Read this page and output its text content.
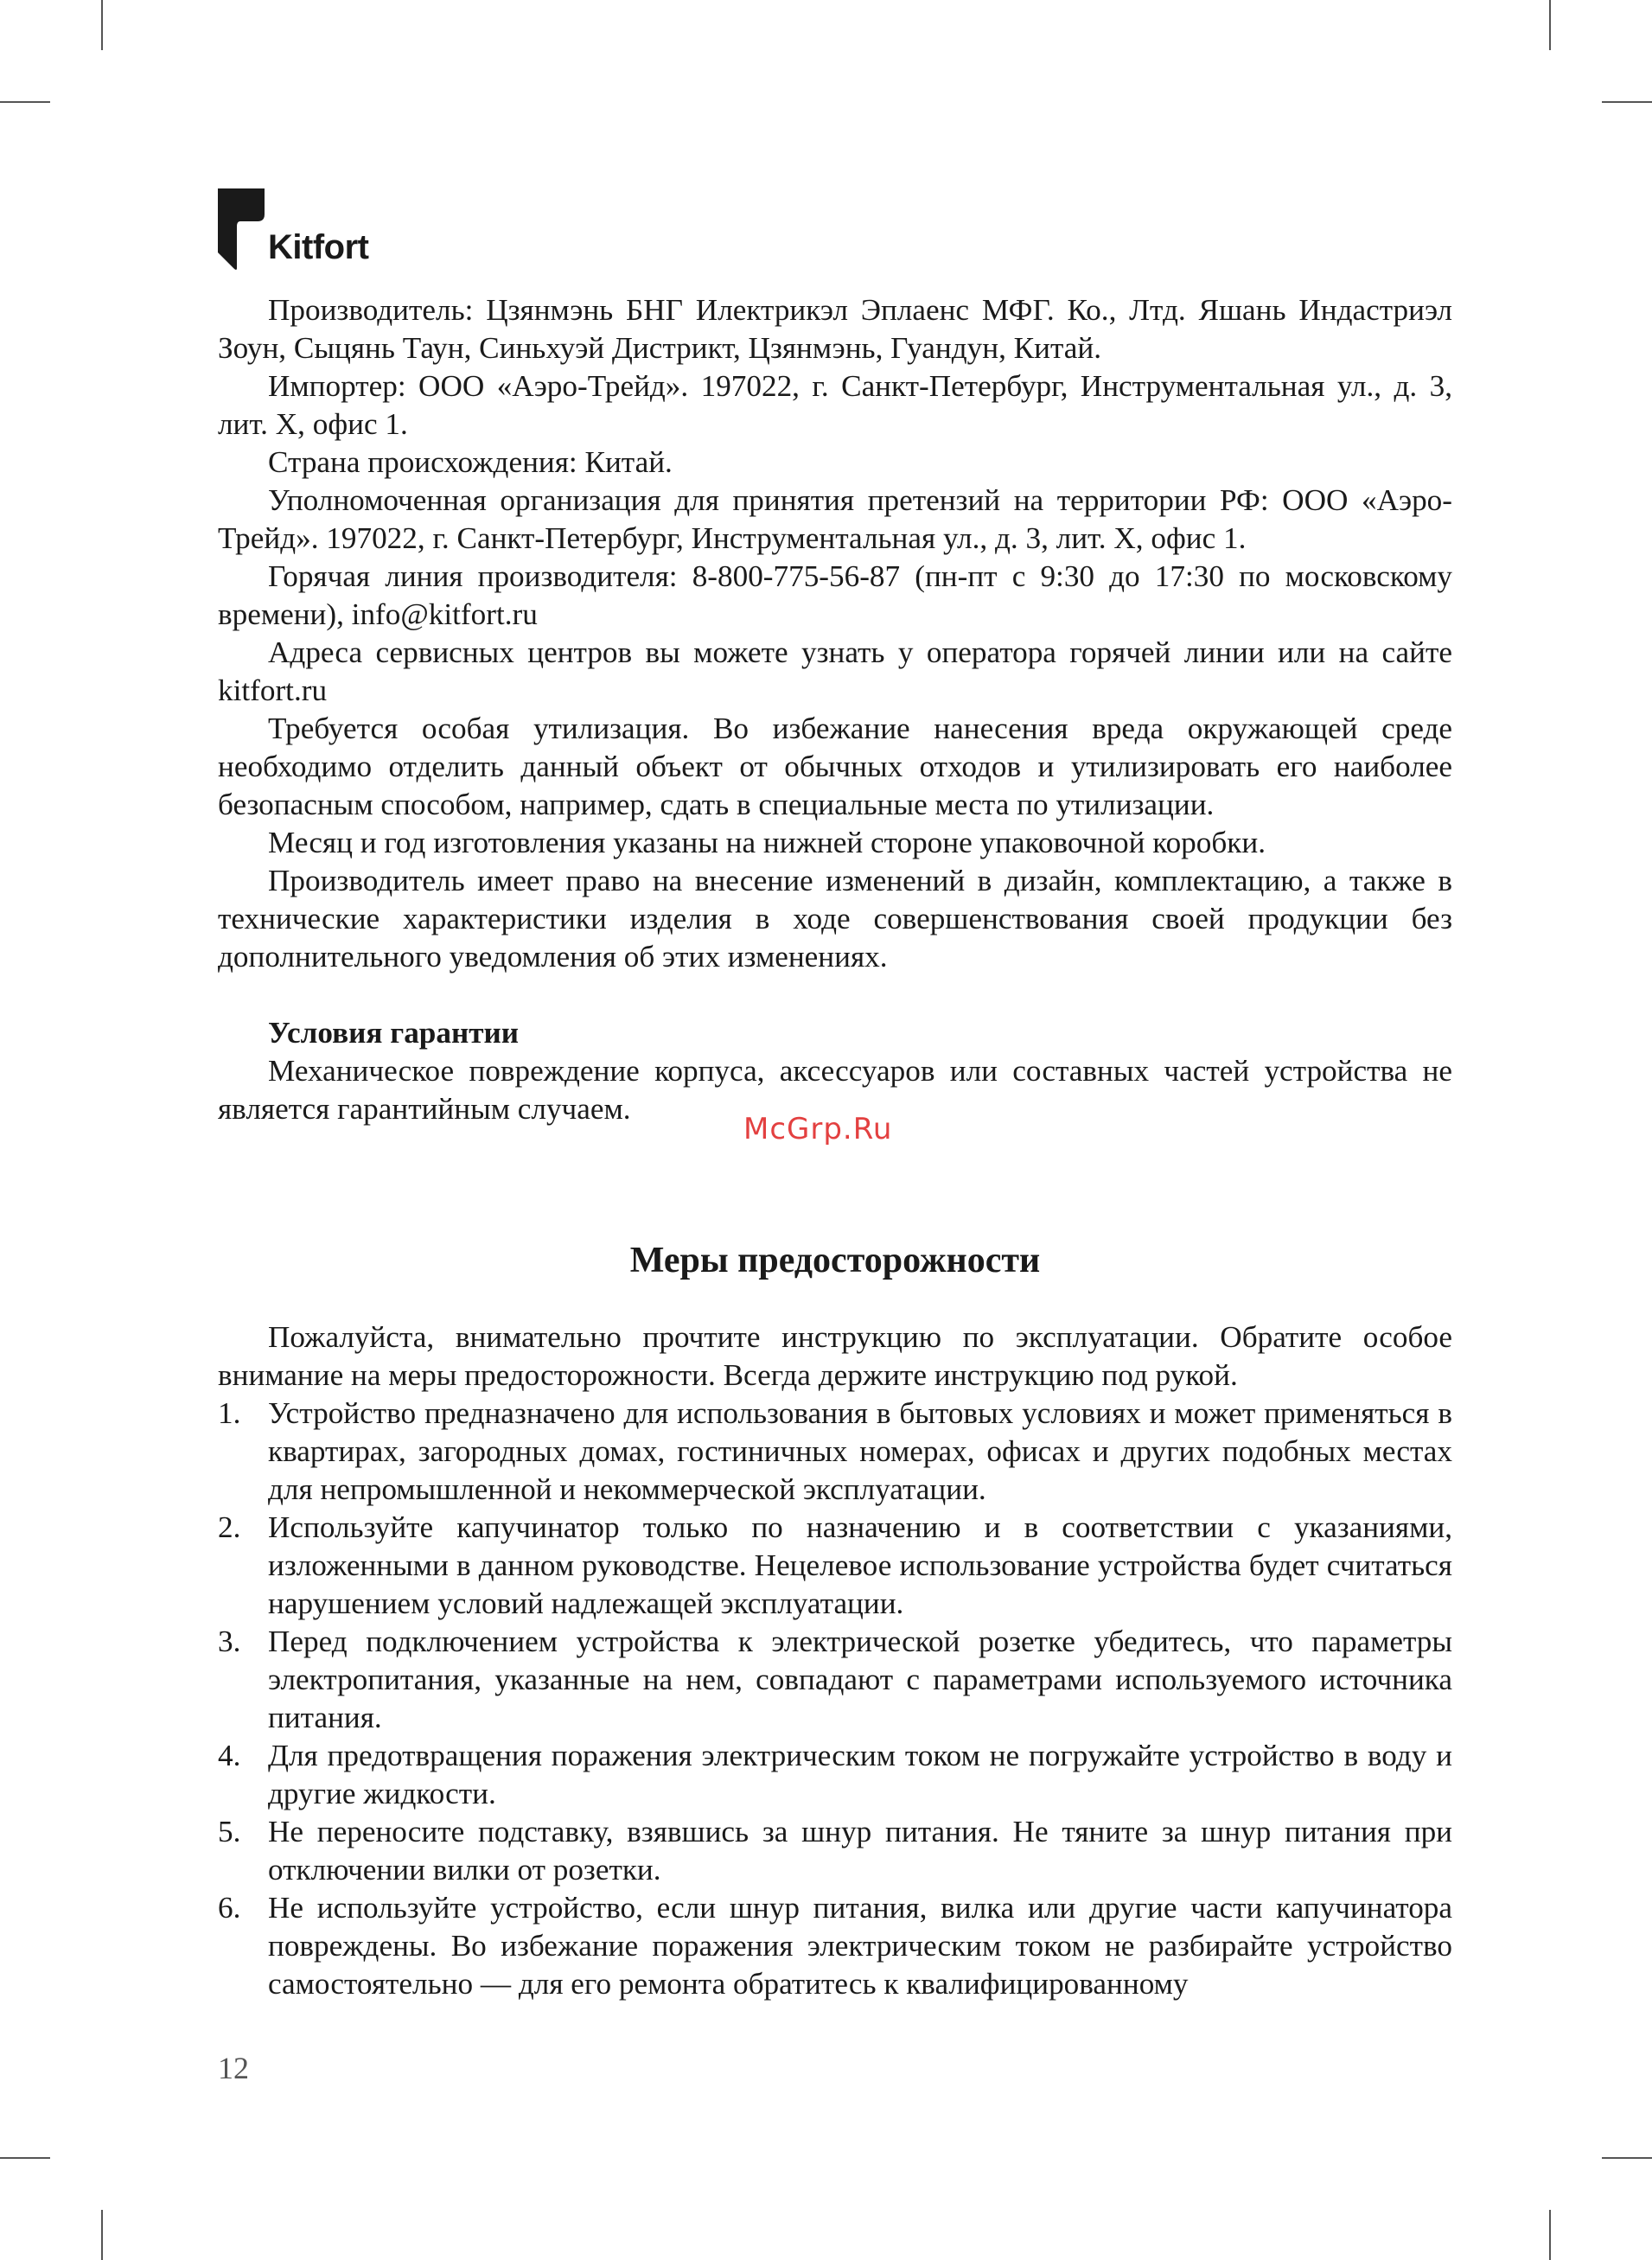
Kitfort

Производитель: Цзянмэнь БНГ Илектрикэл Эплаенс МФГ. Ко., Лтд. Яшань Индастриэл Зоун, Сыцянь Таун, Синьхуэй Дистрикт, Цзянмэнь, Гуандун, Китай.

Импортер: ООО «Аэро-Трейд». 197022, г. Санкт-Петербург, Инструментальная ул., д. 3, лит. Х, офис 1.

Страна происхождения: Китай.

Уполномоченная организация для принятия претензий на территории РФ: ООО «Аэро-Трейд». 197022, г. Санкт-Петербург, Инструментальная ул., д. 3, лит. Х, офис 1.

Горячая линия производителя: 8-800-775-56-87 (пн-пт с 9:30 до 17:30 по московскому времени), info@kitfort.ru

Адреса сервисных центров вы можете узнать у оператора горячей линии или на сайте kitfort.ru

Требуется особая утилизация. Во избежание нанесения вреда окружающей среде необходимо отделить данный объект от обычных отходов и утилизировать его наиболее безопасным способом, например, сдать в специальные места по утилизации.

Месяц и год изготовления указаны на нижней стороне упаковочной коробки.

Производитель имеет право на внесение изменений в дизайн, комплектацию, а также в технические характеристики изделия в ходе совершенствования своей продукции без дополнительного уведомления об этих изменениях.

Условия гарантии

Механическое повреждение корпуса, аксессуаров или составных частей устройства не является гарантийным случаем.

Меры предосторожности

Пожалуйста, внимательно прочтите инструкцию по эксплуатации. Обратите особое внимание на меры предосторожности. Всегда держите инструкцию под рукой.

1. Устройство предназначено для использования в бытовых условиях и может применяться в квартирах, загородных домах, гостиничных номерах, офисах и других подобных местах для непромышленной и некоммерческой эксплуатации.
2. Используйте капучинатор только по назначению и в соответствии с указаниями, изложенными в данном руководстве. Нецелевое использование устройства будет считаться нарушением условий надлежащей эксплуатации.
3. Перед подключением устройства к электрической розетке убедитесь, что параметры электропитания, указанные на нем, совпадают с параметрами используемого источника питания.
4. Для предотвращения поражения электрическим током не погружайте устройство в воду и другие жидкости.
5. Не переносите подставку, взявшись за шнур питания. Не тяните за шнур питания при отключении вилки от розетки.
6. Не используйте устройство, если шнур питания, вилка или другие части капучинатора повреждены. Во избежание поражения электрическим током не разбирайте устройство самостоятельно — для его ремонта обратитесь к квалифицированному
McGrp.Ru
12
